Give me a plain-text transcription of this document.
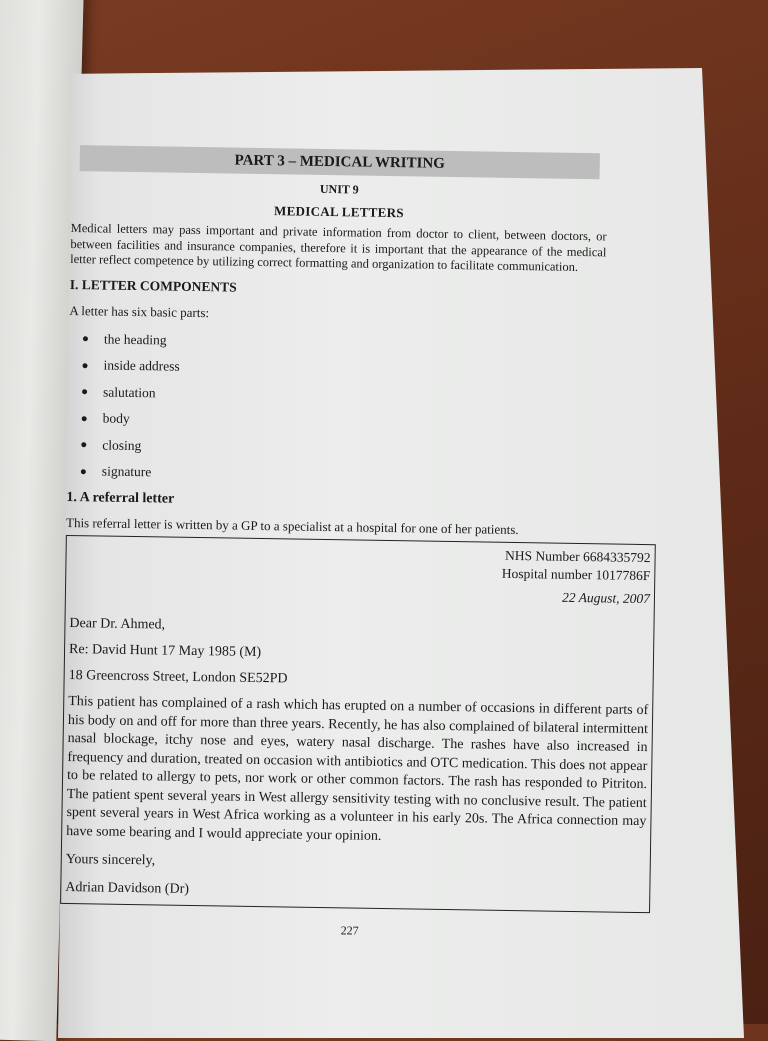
PART 3 – MEDICAL WRITING
UNIT 9
MEDICAL LETTERS
Medical letters may pass important and private information from doctor to client, between doctors, or between facilities and insurance companies, therefore it is important that the appearance of the medical letter reflect competence by utilizing correct formatting and organization to facilitate communication.
I. LETTER COMPONENTS
A letter has six basic parts:
the heading
inside address
salutation
body
closing
signature
1. A referral letter
This referral letter is written by a GP to a specialist at a hospital for one of her patients.
NHS Number 6684335792
Hospital number 1017786F
22 August, 2007
Dear Dr. Ahmed,
Re: David Hunt 17 May 1985 (M)
18 Greencross Street, London SE52PD
This patient has complained of a rash which has erupted on a number of occasions in different parts of his body on and off for more than three years. Recently, he has also complained of bilateral intermittent nasal blockage, itchy nose and eyes, watery nasal discharge. The rashes have also increased in frequency and duration, treated on occasion with antibiotics and OTC medication. This does not appear to be related to allergy to pets, nor work or other common factors. The rash has responded to Pitriton. The patient spent several years in West allergy sensitivity testing with no conclusive result. The patient spent several years in West Africa working as a volunteer in his early 20s. The Africa connection may have some bearing and I would appreciate your opinion.
Yours sincerely,
Adrian Davidson (Dr)
227
